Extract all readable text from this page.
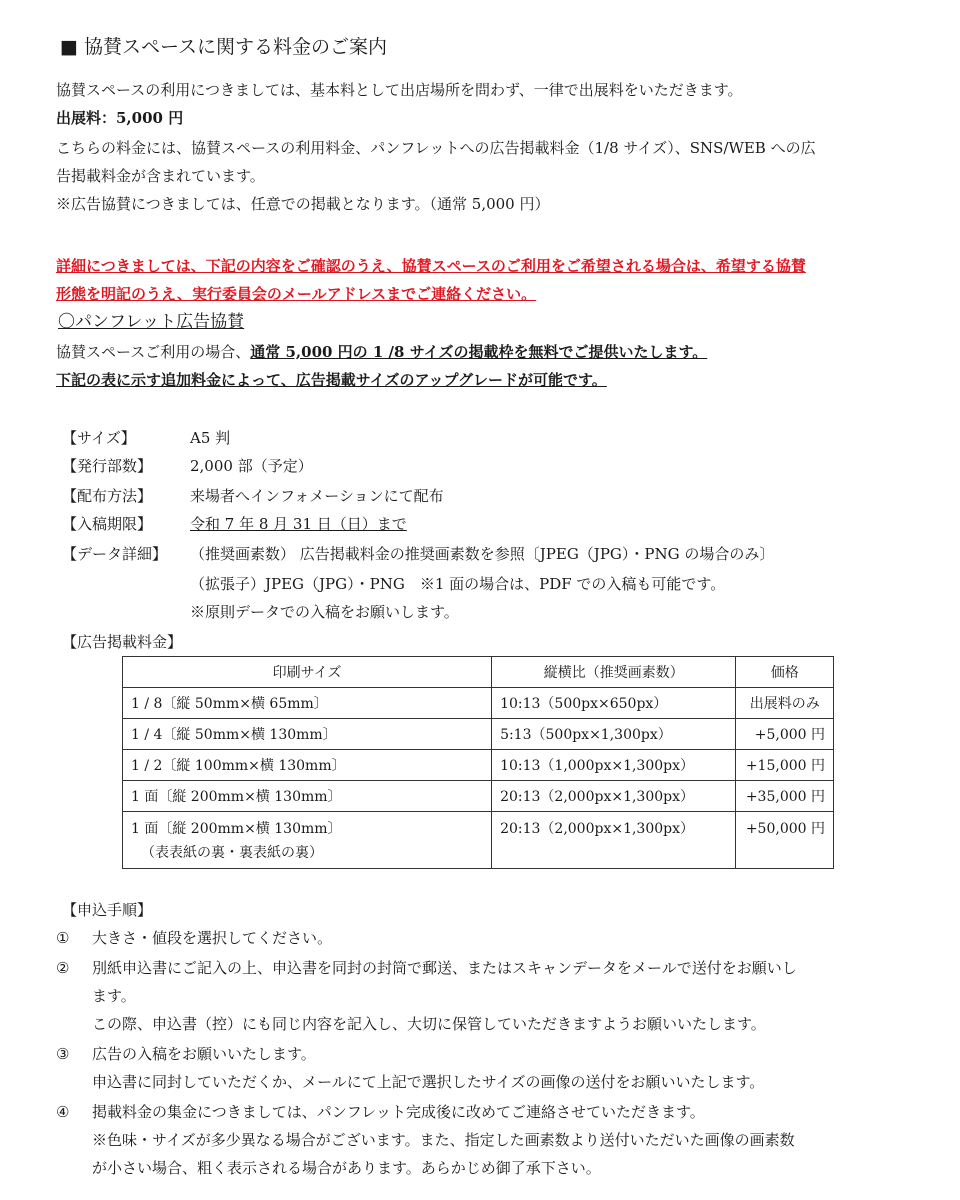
■ 協賛スペースに関する料金のご案内
協賛スペースの利用につきましては、基本料として出店場所を問わず、一律で出展料をいただきます。
出展料：5,000 円
こちらの料金には、協賛スペースの利用料金、パンフレットへの広告掲載料金（1/8 サイズ）、SNS/WEB への広
告掲載料金が含まれています。
※広告協賛につきましては、任意での掲載となります。（通常 5,000 円）
詳細につきましては、下記の内容をご確認のうえ、協賛スペースのご利用をご希望される場合は、希望する協賛
形態を明記のうえ、実行委員会のメールアドレスまでご連絡ください。
〇パンフレット広告協賛
協賛スペースご利用の場合、通常 5,000 円の 1 /8 サイズの掲載枠を無料でご提供いたします。
下記の表に示す追加料金によって、広告掲載サイズのアップグレードが可能です。
【サイズ】	A5 判
【発行部数】	2,000 部（予定）
【配布方法】	来場者へインフォメーションにて配布
【入稿期限】	令和 7 年 8 月 31 日（日）まで
【データ詳細】 （推奨画素数） 広告掲載料金の推奨画素数を参照〔JPEG（JPG）・PNG の場合のみ〕
（拡張子）JPEG（JPG）・PNG　※1 面の場合は、PDF での入稿も可能です。
※原則データでの入稿をお願いします。
【広告掲載料金】
印刷サイズ	縦横比（推奨画素数）	価格
1 / 8〔縦 50mm×横 65mm〕	10:13（500px×650px）	出展料のみ
1 / 4〔縦 50mm×横 130mm〕	5:13（500px×1,300px）	+5,000 円
1 / 2〔縦 100mm×横 130mm〕	10:13（1,000px×1,300px）	+15,000 円
1 面〔縦 200mm×横 130mm〕	20:13（2,000px×1,300px）	+35,000 円

1 面〔縦 200mm×横 130mm〕
（表表紙の裏・裏表紙の裏）	20:13（2,000px×1,300px）	+50,000 円
【申込手順】
① 大きさ・値段を選択してください。
② 別紙申込書にご記入の上、申込書を同封の封筒で郵送、またはスキャンデータをメールで送付をお願いし
ます。
この際、申込書（控）にも同じ内容を記入し、大切に保管していただきますようお願いいたします。
③ 広告の入稿をお願いいたします。
申込書に同封していただくか、メールにて上記で選択したサイズの画像の送付をお願いいたします。
④ 掲載料金の集金につきましては、パンフレット完成後に改めてご連絡させていただきます。
※色味・サイズが多少異なる場合がございます。また、指定した画素数より送付いただいた画像の画素数
が小さい場合、粗く表示される場合があります。あらかじめ御了承下さい。
